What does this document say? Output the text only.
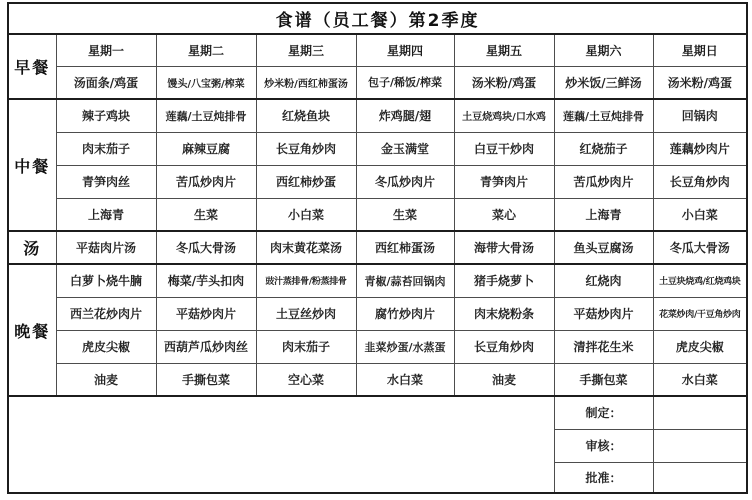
食谱（员工餐）第2季度							
早餐	星期一	星期二	星期三	星期四	星期五	星期六	星期日
	汤面条/鸡蛋	馒头/八宝粥/榨菜	炒米粉/西红柿蛋汤	包子/稀饭/榨菜	汤米粉/鸡蛋	炒米饭/三鲜汤	汤米粉/鸡蛋
中餐	辣子鸡块	莲藕/土豆炖排骨	红烧鱼块	炸鸡腿/翅	土豆烧鸡块/口水鸡	莲藕/土豆炖排骨	回锅肉
	肉末茄子	麻辣豆腐	长豆角炒肉	金玉满堂	白豆干炒肉	红烧茄子	莲藕炒肉片
	青笋肉丝	苦瓜炒肉片	西红柿炒蛋	冬瓜炒肉片	青笋肉片	苦瓜炒肉片	长豆角炒肉
	上海青	生菜	小白菜	生菜	菜心	上海青	小白菜
汤	平菇肉片汤	冬瓜大骨汤	肉末黄花菜汤	西红柿蛋汤	海带大骨汤	鱼头豆腐汤	冬瓜大骨汤
晚餐	白萝卜烧牛腩	梅菜/芋头扣肉	豉汁蒸排骨/粉蒸排骨	青椒/蒜苔回锅肉	猪手烧萝卜	红烧肉	土豆块烧鸡/红烧鸡块
	西兰花炒肉片	平菇炒肉片	土豆丝炒肉	腐竹炒肉片	肉末烧粉条	平菇炒肉片	花菜炒肉/干豆角炒肉
	虎皮尖椒	西葫芦瓜炒肉丝	肉末茄子	韭菜炒蛋/水蒸蛋	长豆角炒肉	清拌花生米	虎皮尖椒
	油麦	手撕包菜	空心菜	水白菜	油麦	手撕包菜	水白菜
						制定：	
						审核：	
						批准：	
